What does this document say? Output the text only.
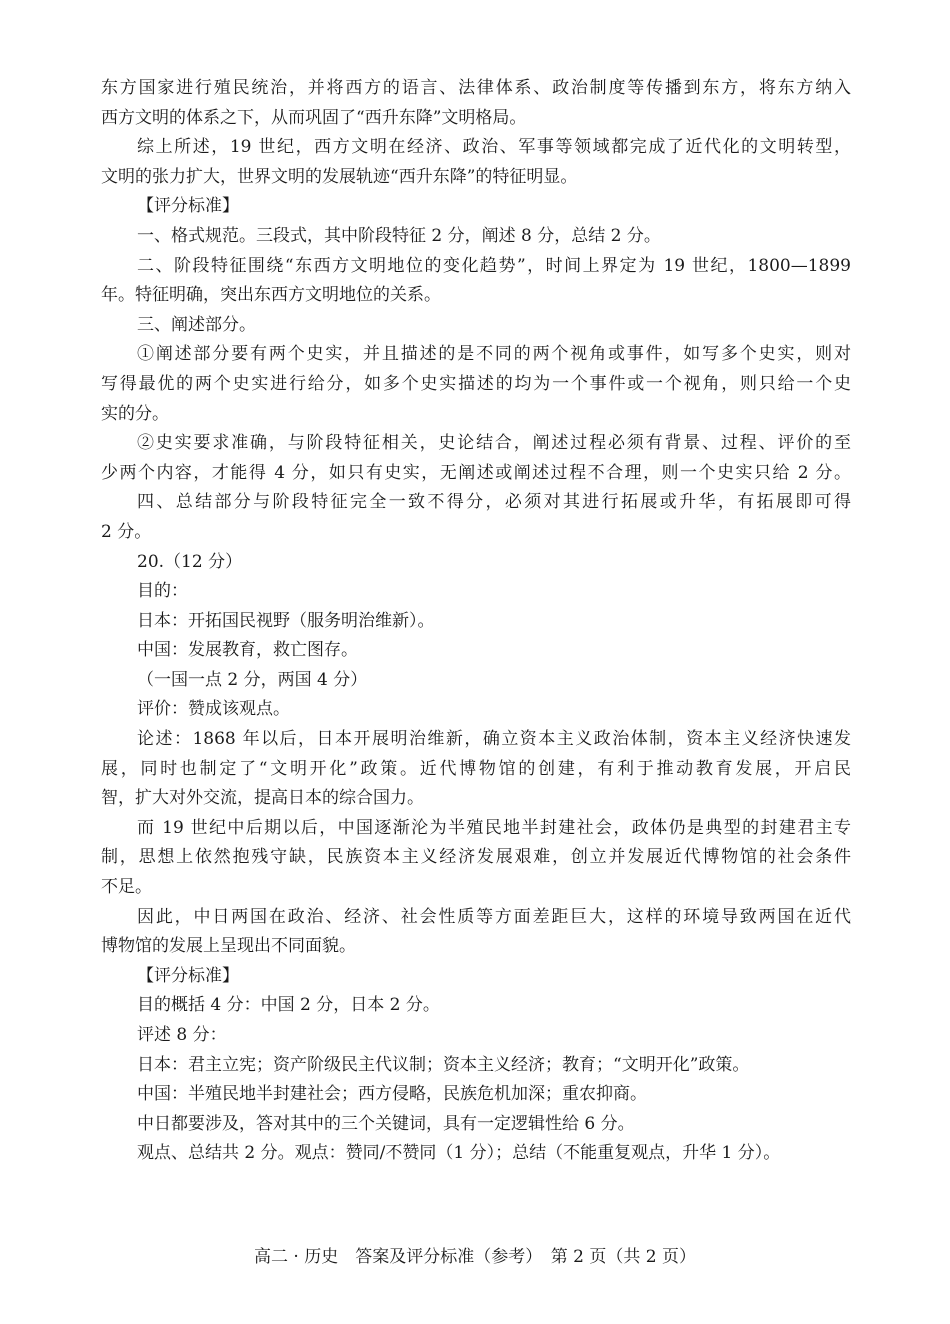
东方国家进行殖民统治，并将西方的语言、法律体系、政治制度等传播到东方，将东方纳入
西方文明的体系之下，从而巩固了“西升东降”文明格局。
综上所述，19 世纪，西方文明在经济、政治、军事等领域都完成了近代化的文明转型，
文明的张力扩大，世界文明的发展轨迹“西升东降”的特征明显。
【评分标准】
一、格式规范。三段式，其中阶段特征 2 分，阐述 8 分，总结 2 分。
二、阶段特征围绕“东西方文明地位的变化趋势”，时间上界定为 19 世纪，1800—1899
年。特征明确，突出东西方文明地位的关系。
三、阐述部分。
①阐述部分要有两个史实，并且描述的是不同的两个视角或事件，如写多个史实，则对
写得最优的两个史实进行给分，如多个史实描述的均为一个事件或一个视角，则只给一个史
实的分。
②史实要求准确，与阶段特征相关，史论结合，阐述过程必须有背景、过程、评价的至
少两个内容，才能得 4 分，如只有史实，无阐述或阐述过程不合理，则一个史实只给 2 分。
四、总结部分与阶段特征完全一致不得分，必须对其进行拓展或升华，有拓展即可得
2 分。
20.（12 分）
目的：
日本：开拓国民视野（服务明治维新）。
中国：发展教育，救亡图存。
（一国一点 2 分，两国 4 分）
评价：赞成该观点。
论述：1868 年以后，日本开展明治维新，确立资本主义政治体制，资本主义经济快速发
展，同时也制定了“文明开化”政策。近代博物馆的创建，有利于推动教育发展，开启民
智，扩大对外交流，提高日本的综合国力。
而 19 世纪中后期以后，中国逐渐沦为半殖民地半封建社会，政体仍是典型的封建君主专
制，思想上依然抱残守缺，民族资本主义经济发展艰难，创立并发展近代博物馆的社会条件
不足。
因此，中日两国在政治、经济、社会性质等方面差距巨大，这样的环境导致两国在近代
博物馆的发展上呈现出不同面貌。
【评分标准】
目的概括 4 分：中国 2 分，日本 2 分。
评述 8 分：
日本：君主立宪；资产阶级民主代议制；资本主义经济；教育；“文明开化”政策。
中国：半殖民地半封建社会；西方侵略，民族危机加深；重农抑商。
中日都要涉及，答对其中的三个关键词，具有一定逻辑性给 6 分。
观点、总结共 2 分。观点：赞同/不赞同（1 分）；总结（不能重复观点，升华 1 分）。
高二 · 历史　答案及评分标准（参考）　第 2 页（共 2 页）
